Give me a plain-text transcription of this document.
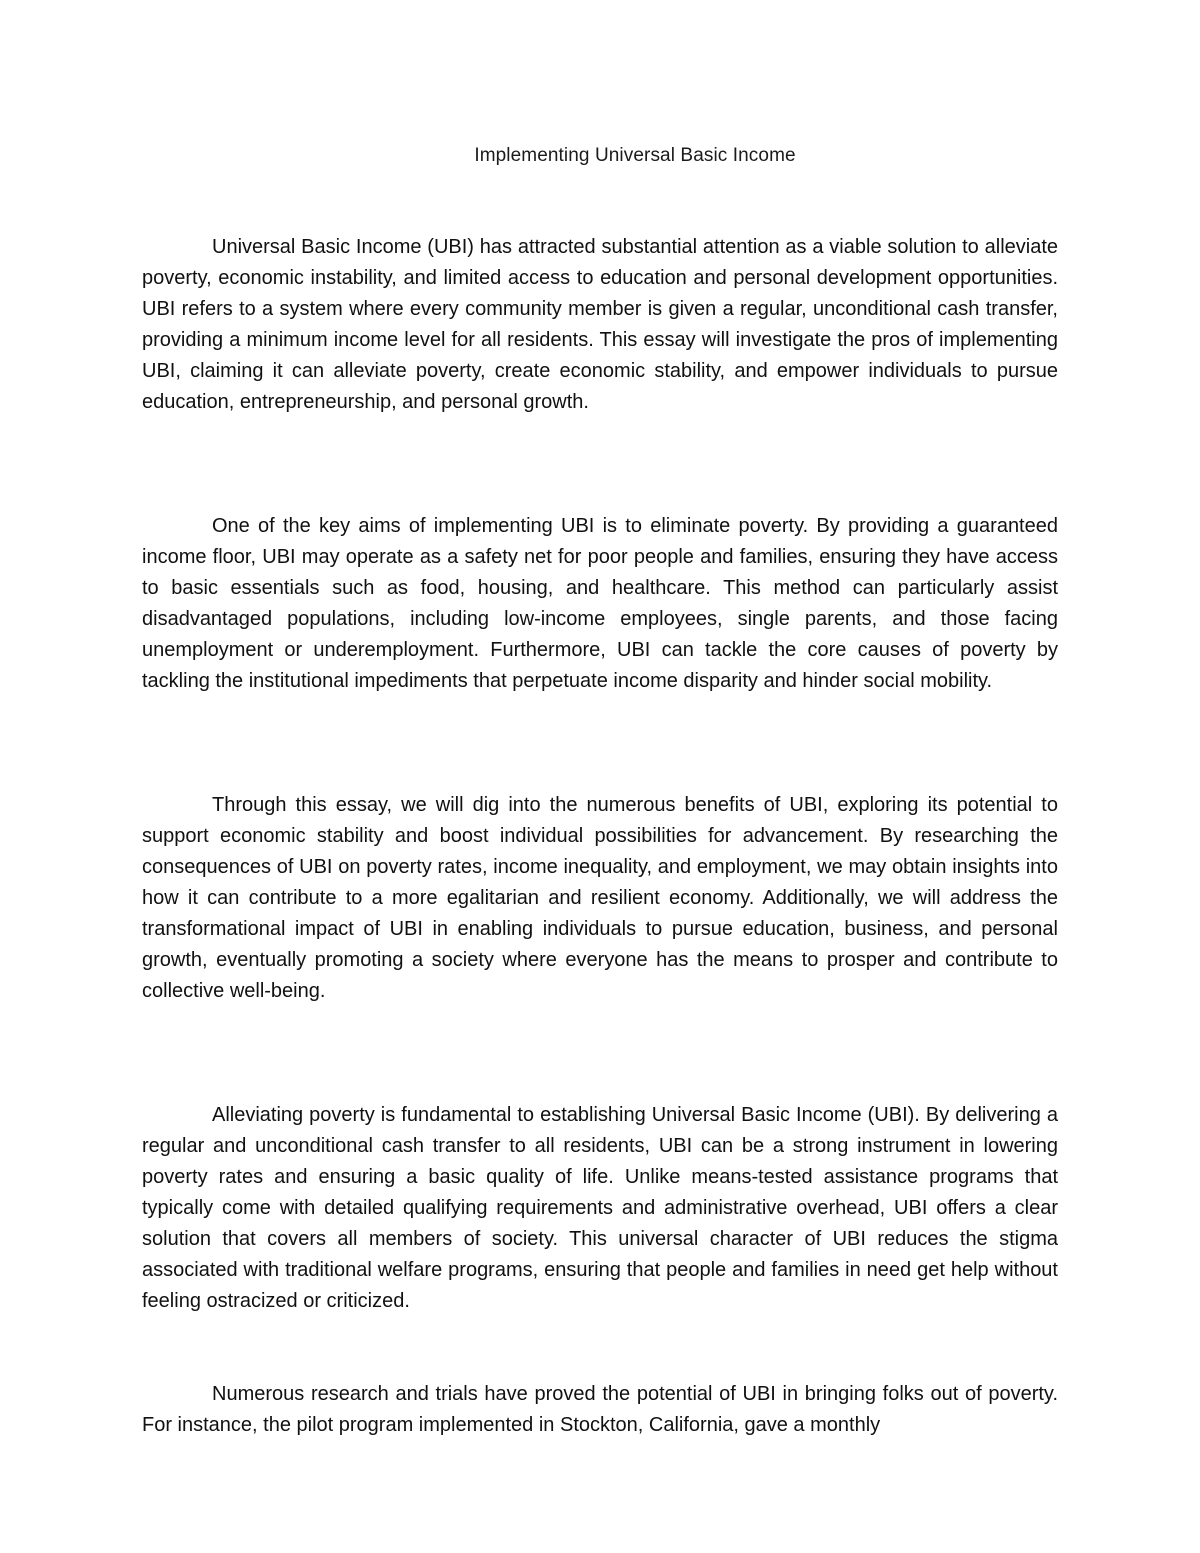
Implementing Universal Basic Income

Universal Basic Income (UBI) has attracted substantial attention as a viable solution to alleviate poverty, economic instability, and limited access to education and personal development opportunities. UBI refers to a system where every community member is given a regular, unconditional cash transfer, providing a minimum income level for all residents. This essay will investigate the pros of implementing UBI, claiming it can alleviate poverty, create economic stability, and empower individuals to pursue education, entrepreneurship, and personal growth.

One of the key aims of implementing UBI is to eliminate poverty. By providing a guaranteed income floor, UBI may operate as a safety net for poor people and families, ensuring they have access to basic essentials such as food, housing, and healthcare. This method can particularly assist disadvantaged populations, including low-income employees, single parents, and those facing unemployment or underemployment. Furthermore, UBI can tackle the core causes of poverty by tackling the institutional impediments that perpetuate income disparity and hinder social mobility.

Through this essay, we will dig into the numerous benefits of UBI, exploring its potential to support economic stability and boost individual possibilities for advancement. By researching the consequences of UBI on poverty rates, income inequality, and employment, we may obtain insights into how it can contribute to a more egalitarian and resilient economy. Additionally, we will address the transformational impact of UBI in enabling individuals to pursue education, business, and personal growth, eventually promoting a society where everyone has the means to prosper and contribute to collective well-being.

Alleviating poverty is fundamental to establishing Universal Basic Income (UBI). By delivering a regular and unconditional cash transfer to all residents, UBI can be a strong instrument in lowering poverty rates and ensuring a basic quality of life. Unlike means-tested assistance programs that typically come with detailed qualifying requirements and administrative overhead, UBI offers a clear solution that covers all members of society. This universal character of UBI reduces the stigma associated with traditional welfare programs, ensuring that people and families in need get help without feeling ostracized or criticized.

Numerous research and trials have proved the potential of UBI in bringing folks out of poverty. For instance, the pilot program implemented in Stockton, California, gave a monthly
